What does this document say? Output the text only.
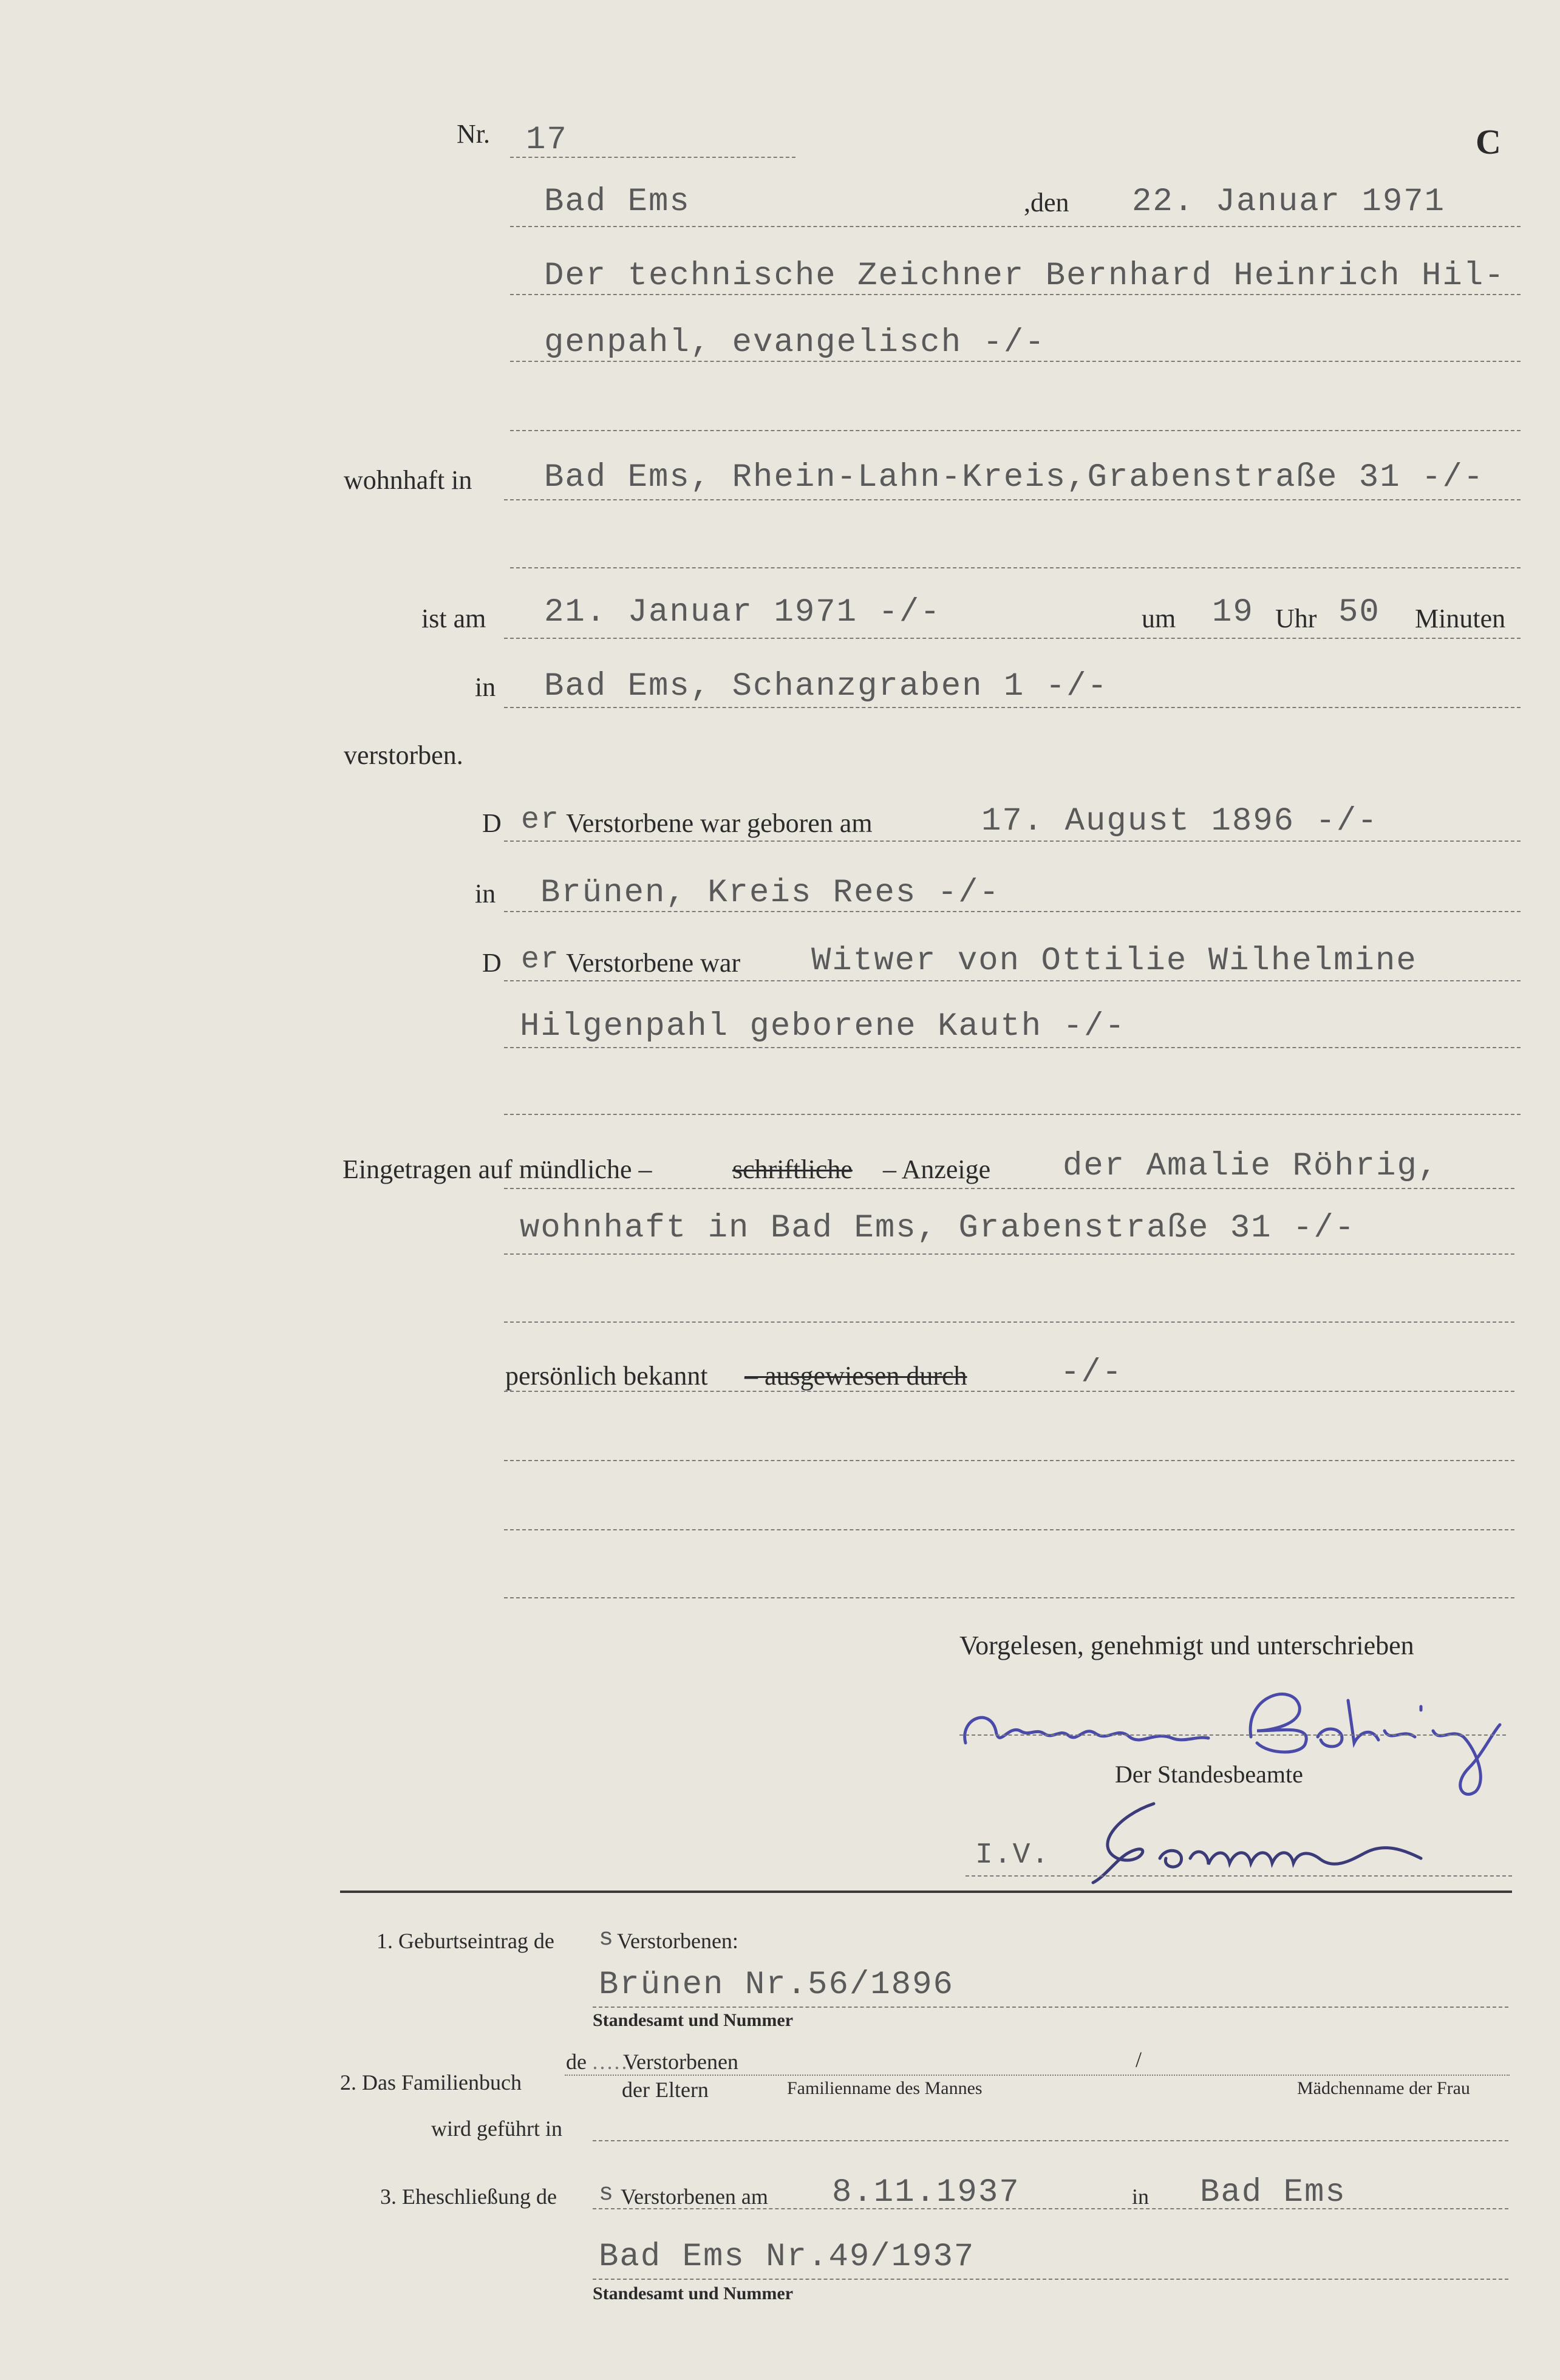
Nr. 17	C
Bad Ems	,den 22. Januar 1971
Der technische Zeichner Bernhard Heinrich Hil-
genpahl, evangelisch -/-
wohnhaft in Bad Ems, Rhein-Lahn-Kreis,Grabenstraße 31 -/-
ist am 21. Januar 1971 -/-	um 19 Uhr 50 Minuten
in Bad Ems, Schanzgraben 1 -/-
verstorben.
D er Verstorbene war geboren am	17. August 1896 -/-
in Brünen, Kreis Rees -/-
D er Verstorbene war Witwer von Ottilie Wilhelmine
Hilgenpahl geborene Kauth -/-
Eingetragen auf mündliche –	schriftliche – Anzeige der Amalie Röhrig,
wohnhaft in Bad Ems, Grabenstraße 31 -/-
persönlich bekannt – ausgewiesen durch	-/-
Vorgelesen, genehmigt und unterschrieben
Der Standesbeamte
I.V.
1. Geburtseintrag de s Verstorbenen:
Brünen Nr.56/1896
Standesamt und Nummer
2. Das Familienbuch
de ……
Verstorbenen
der Eltern
/
Familienname des Mannes	Mädchenname der Frau
wird geführt in
3. Eheschließung de s Verstorbenen am 8.11.1937	in Bad Ems
Bad Ems Nr.49/1937
Standesamt und Nummer
